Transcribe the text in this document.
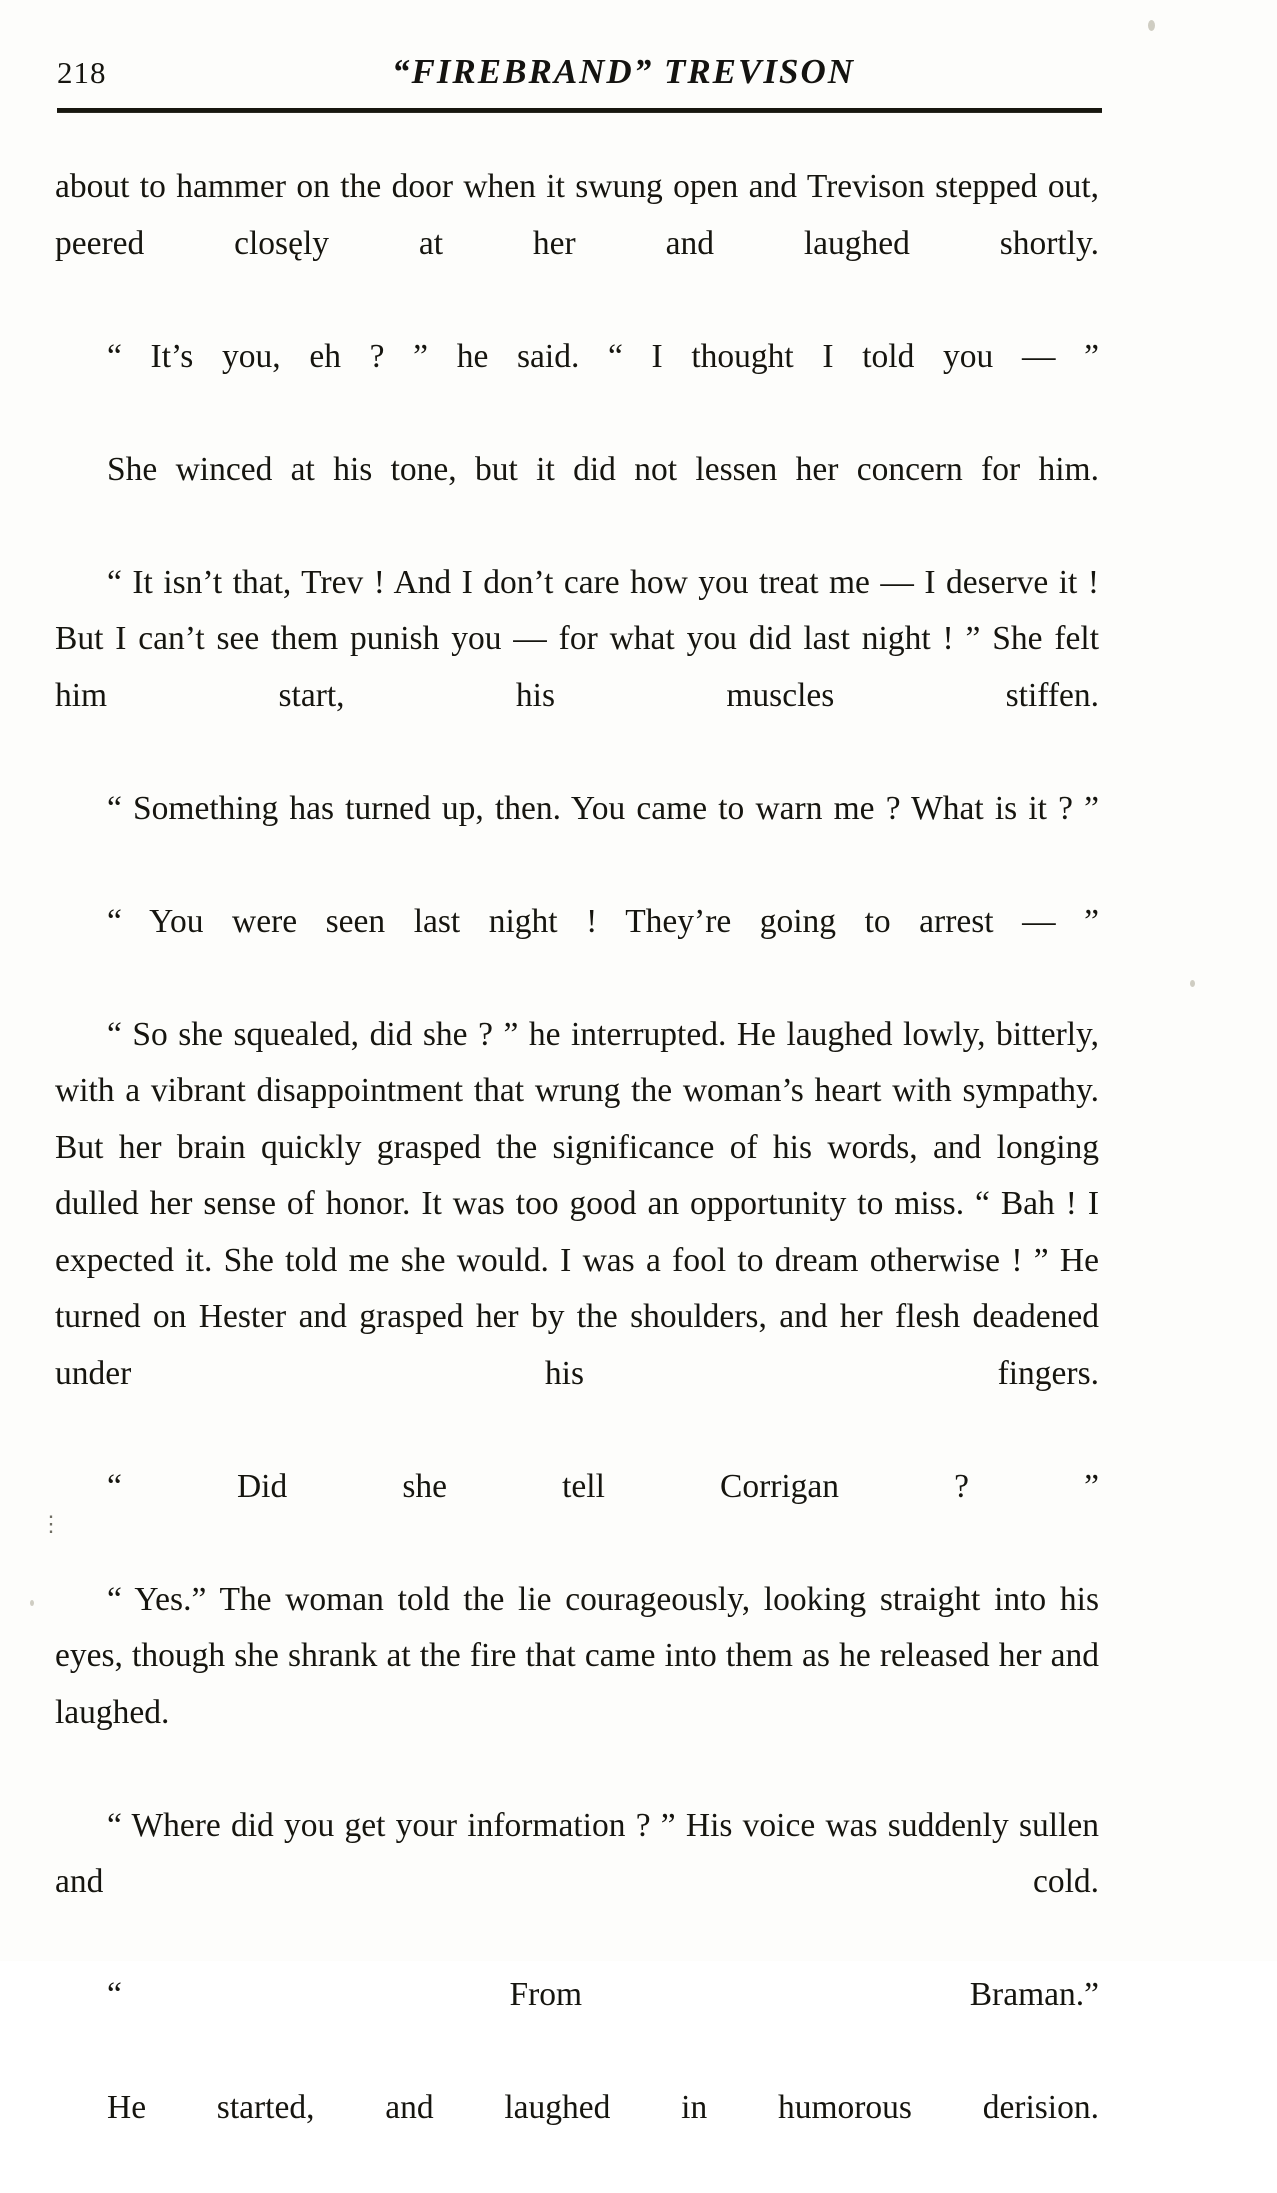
218	“FIREBRAND” TREVISON

about to hammer on the door when it swung open and Trevison stepped out, peered closęly at her and laughed shortly.

“ It’s you, eh ? ” he said. “ I thought I told you — ”

She winced at his tone, but it did not lessen her concern for him.

“ It isn’t that, Trev ! And I don’t care how you treat me — I deserve it ! But I can’t see them punish you — for what you did last night ! ” She felt him start, his muscles stiffen.

“ Something has turned up, then. You came to warn me ? What is it ? ”

“ You were seen last night ! They’re going to arrest — ”

“ So she squealed, did she ? ” he interrupted. He laughed lowly, bitterly, with a vibrant disappointment that wrung the woman’s heart with sympathy. But her brain quickly grasped the significance of his words, and longing dulled her sense of honor. It was too good an opportunity to miss. “ Bah ! I expected it. She told me she would. I was a fool to dream otherwise ! ” He turned on Hester and grasped her by the shoulders, and her flesh deadened under his fingers.

“ Did she tell Corrigan ? ”

“ Yes.” The woman told the lie courageously, looking straight into his eyes, though she shrank at the fire that came into them as he released her and laughed.

“ Where did you get your information ? ” His voice was suddenly sullen and cold.

“ From Braman.”

He started, and laughed in humorous derision.

⋮
